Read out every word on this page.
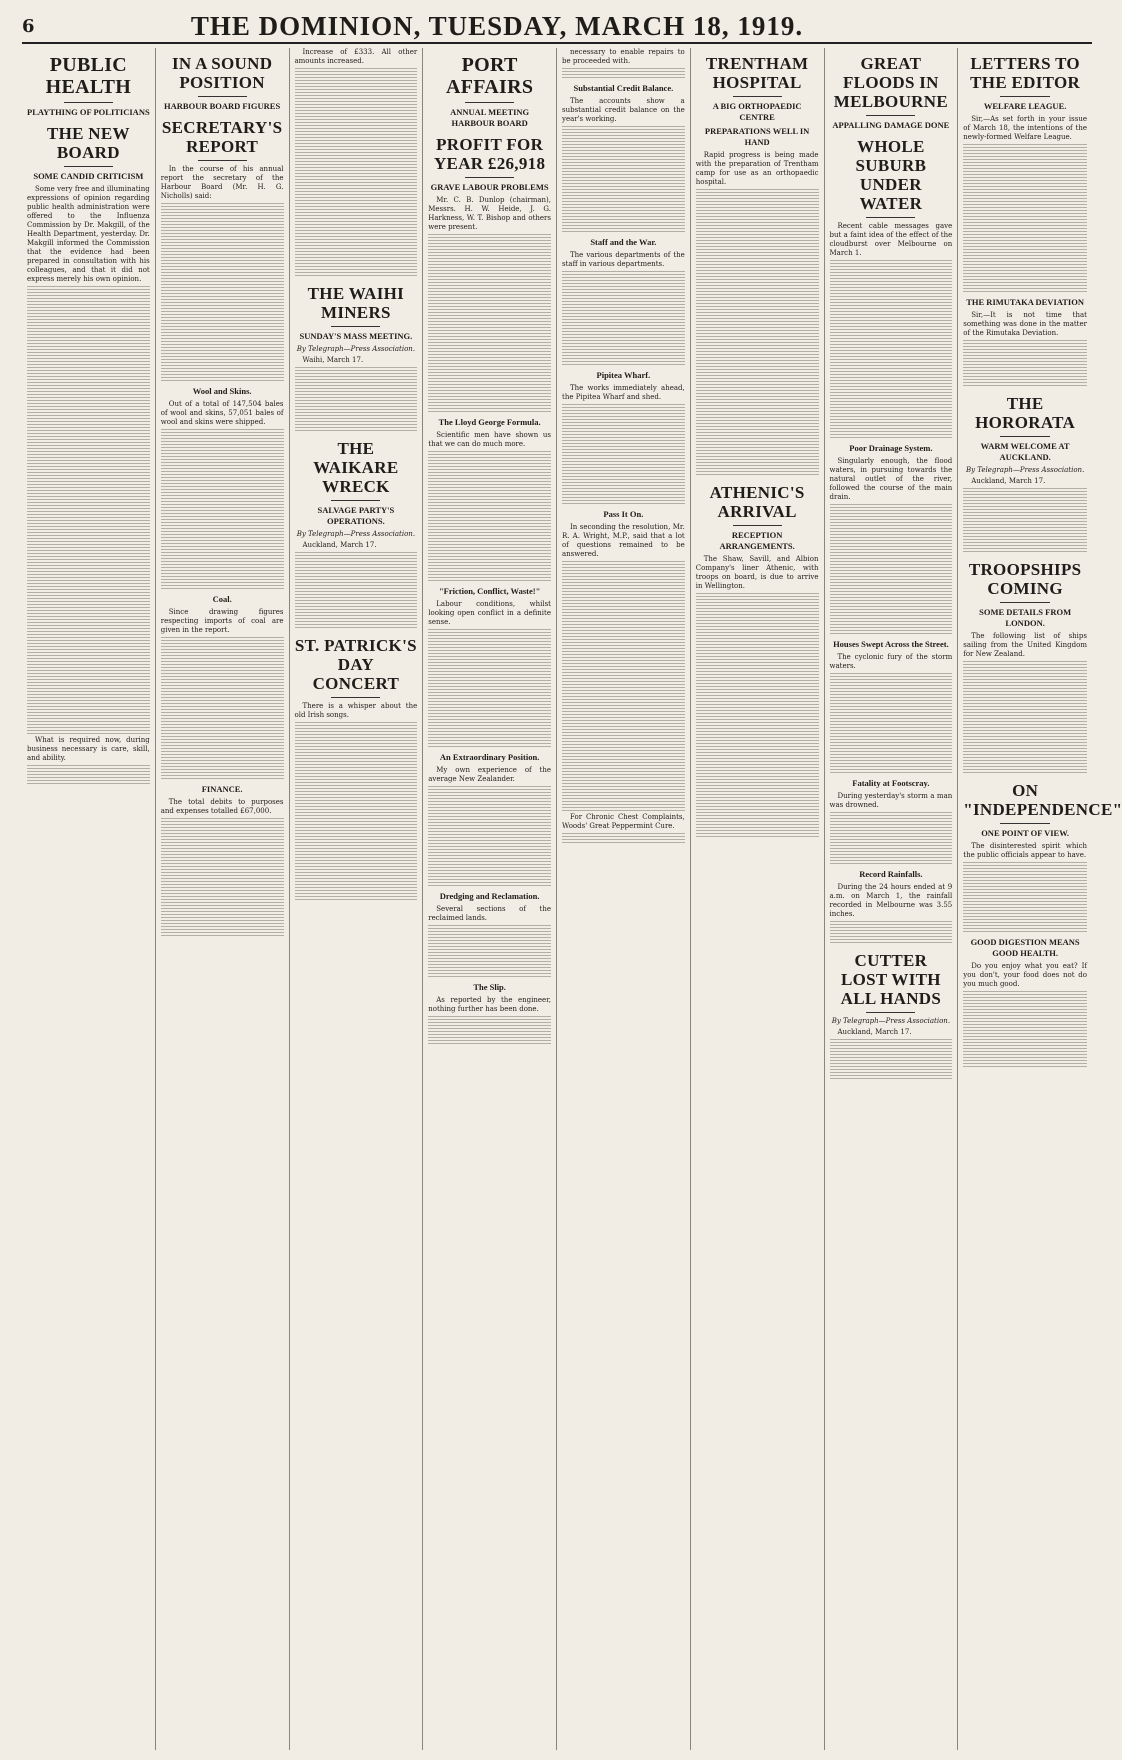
6	THE DOMINION, TUESDAY, MARCH 18, 1919.
PUBLIC HEALTH
PLAYTHING OF POLITICIANS
THE NEW BOARD
SOME CANDID CRITICISM

Some very free and illuminating expressions of opinion regarding public health administration were offered to the Influenza Commission by Dr. Makgill, of the Health Department, yesterday. Dr. Makgill informed the Commission that the evidence had been prepared in consultation with his colleagues, and that it did not express merely his own opinion.

What is required now, during business necessary is care, skill, and ability.

IN A SOUND POSITION
HARBOUR BOARD FIGURES
SECRETARY'S REPORT

In the course of his annual report the secretary of the Harbour Board (Mr. H. G. Nicholls) said:

Wool and Skins.

Out of a total of 147,504 bales of wool and skins, 57,051 bales of wool and skins were shipped.

Coal.

Since drawing figures respecting imports of coal are given in the report.

FINANCE.

The total debits to purposes and expenses totalled £67,000.

Increase of £333. All other amounts increased.

THE WAIHI MINERS
SUNDAY'S MASS MEETING.
By Telegraph—Press Association.

Waihi, March 17.

THE WAIKARE WRECK
SALVAGE PARTY'S OPERATIONS.
By Telegraph—Press Association.

Auckland, March 17.

ST. PATRICK'S DAY CONCERT

There is a whisper about the old Irish songs.

PORT AFFAIRS
ANNUAL MEETING HARBOUR BOARD
PROFIT FOR YEAR £26,918
GRAVE LABOUR PROBLEMS

Mr. C. B. Dunlop (chairman), Messrs. H. W. Heide, J. G. Harkness, W. T. Bishop and others were present.

The Lloyd George Formula.

Scientific men have shown us that we can do much more.

"Friction, Conflict, Waste!"

Labour conditions, whilst looking open conflict in a definite sense.

An Extraordinary Position.

My own experience of the average New Zealander.

Dredging and Reclamation.

Several sections of the reclaimed lands.

The Slip.

As reported by the engineer, nothing further has been done.

necessary to enable repairs to be proceeded with.

Substantial Credit Balance.

The accounts show a substantial credit balance on the year's working.

Staff and the War.

The various departments of the staff in various departments.

Pipitea Wharf.

The works immediately ahead, the Pipitea Wharf and shed.

Pass It On.

In seconding the resolution, Mr. R. A. Wright, M.P., said that a lot of questions remained to be answered.

For Chronic Chest Complaints, Woods' Great Peppermint Cure.

TRENTHAM HOSPITAL
A BIG ORTHOPAEDIC CENTRE
PREPARATIONS WELL IN HAND

Rapid progress is being made with the preparation of Trentham camp for use as an orthopaedic hospital.

ATHENIC'S ARRIVAL
RECEPTION ARRANGEMENTS.

The Shaw, Savill, and Albion Company's liner Athenic, with troops on board, is due to arrive in Wellington.

GREAT FLOODS IN MELBOURNE
APPALLING DAMAGE DONE
WHOLE SUBURB UNDER WATER

Recent cable messages gave but a faint idea of the effect of the cloudburst over Melbourne on March 1.

Poor Drainage System.

Singularly enough, the flood waters, in pursuing towards the natural outlet of the river, followed the course of the main drain.

Houses Swept Across the Street.

The cyclonic fury of the storm waters.

Fatality at Footscray.

During yesterday's storm a man was drowned.

Record Rainfalls.

During the 24 hours ended at 9 a.m. on March 1, the rainfall recorded in Melbourne was 3.55 inches.

CUTTER LOST WITH ALL HANDS
By Telegraph—Press Association.

Auckland, March 17.

LETTERS TO THE EDITOR
WELFARE LEAGUE.

Sir,—As set forth in your issue of March 18, the intentions of the newly-formed Welfare League.

THE RIMUTAKA DEVIATION

Sir,—It is not time that something was done in the matter of the Rimutaka Deviation.

THE HORORATA
WARM WELCOME AT AUCKLAND.
By Telegraph—Press Association.

Auckland, March 17.

TROOPSHIPS COMING
SOME DETAILS FROM LONDON.

The following list of ships sailing from the United Kingdom for New Zealand.

ON "INDEPENDENCE"
ONE POINT OF VIEW.

The disinterested spirit which the public officials appear to have.

GOOD DIGESTION MEANS GOOD HEALTH.

Do you enjoy what you eat? If you don't, your food does not do you much good.
